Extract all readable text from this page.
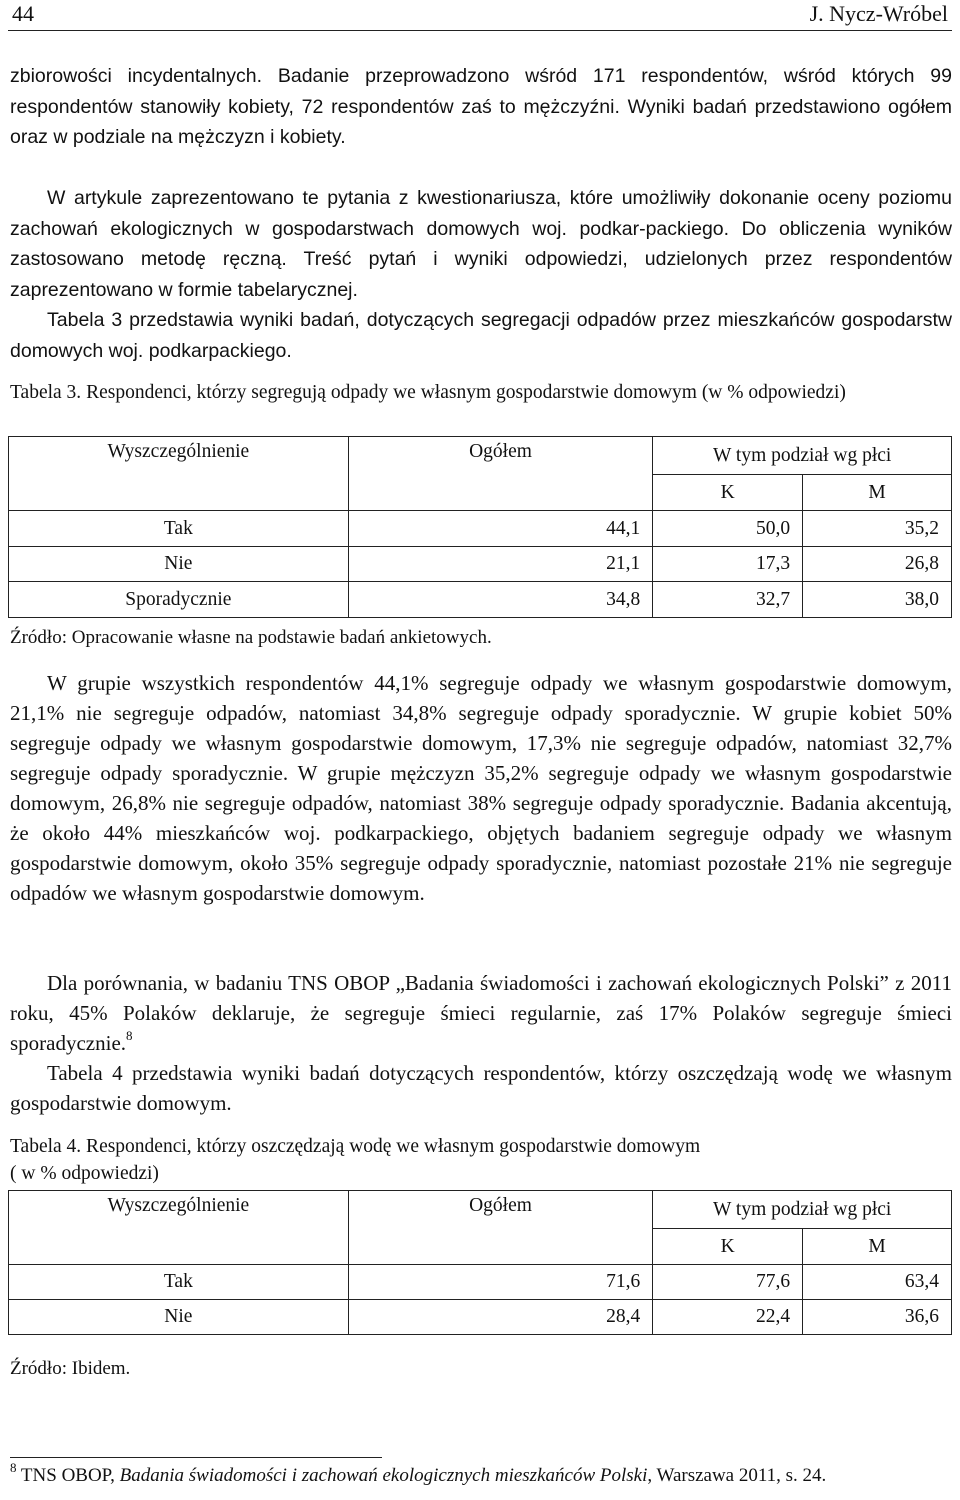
44	J. Nycz-Wróbel

zbiorowości incydentalnych. Badanie przeprowadzono wśród 171 respondentów, wśród których 99 respondentów stanowiły kobiety, 72 respondentów zaś to mężczyźni. Wyniki badań przedstawiono ogółem oraz w podziale na mężczyzn i kobiety.

W artykule zaprezentowano te pytania z kwestionariusza, które umożliwiły dokonanie oceny poziomu zachowań ekologicznych w gospodarstwach domowych woj. podkar-packiego. Do obliczenia wyników zastosowano metodę ręczną. Treść pytań i wyniki odpowiedzi, udzielonych przez respondentów zaprezentowano w formie tabelarycznej.

Tabela 3 przedstawia wyniki badań, dotyczących segregacji odpadów przez mieszkańców gospodarstw domowych woj. podkarpackiego.

Tabela 3. Respondenci, którzy segregują odpady we własnym gospodarstwie domowym (w % odpowiedzi)
Wyszczególnienie	Ogółem	W tym podział wg płci	
		K	M
Tak	44,1	50,0	35,2
Nie	21,1	17,3	26,8
Sporadycznie	34,8	32,7	38,0
Źródło: Opracowanie własne na podstawie badań ankietowych.

W grupie wszystkich respondentów 44,1% segreguje odpady we własnym gospodarstwie domowym, 21,1% nie segreguje odpadów, natomiast 34,8% segreguje odpady sporadycznie. W grupie kobiet 50% segreguje odpady we własnym gospodarstwie domowym, 17,3% nie segreguje odpadów, natomiast 32,7% segreguje odpady sporadycznie. W grupie mężczyzn 35,2% segreguje odpady we własnym gospodarstwie domowym, 26,8% nie segreguje odpadów, natomiast 38% segreguje odpady sporadycznie. Badania akcentują, że około 44% mieszkańców woj. podkarpackiego, objętych badaniem segreguje odpady we własnym gospodarstwie domowym, około 35% segreguje odpady sporadycznie, natomiast pozostałe 21% nie segreguje odpadów we własnym gospodarstwie domowym.

Dla porównania, w badaniu TNS OBOP „Badania świadomości i zachowań ekologicznych Polski” z 2011 roku, 45% Polaków deklaruje, że segreguje śmieci regularnie, zaś 17% Polaków segreguje śmieci sporadycznie.$^8$

Tabela 4 przedstawia wyniki badań dotyczących respondentów, którzy oszczędzają wodę we własnym gospodarstwie domowym.

Tabela 4. Respondenci, którzy oszczędzają wodę we własnym gospodarstwie domowym
( w % odpowiedzi)
Wyszczególnienie	Ogółem	W tym podział wg płci	
		K	M
Tak	71,6	77,6	63,4
Nie	28,4	22,4	36,6
Źródło: Ibidem.
$^8$ TNS OBOP, Badania świadomości i zachowań ekologicznych mieszkańców Polski, Warszawa 2011, s. 24.
